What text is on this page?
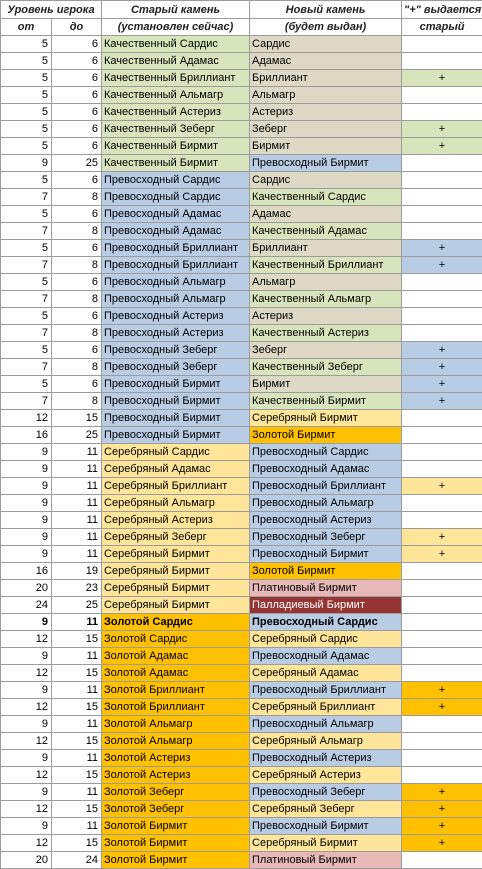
Уровень игрока		Старый камень	Новый камень	"+" выдается
от	до	(установлен сейчас)	(будет выдан)	старый
5	6	Качественный Сардис	Сардис	
5	6	Качественный Адамас	Адамас	
5	6	Качественный Бриллиант	Бриллиант	+
5	6	Качественный Альмагр	Альмагр	
5	6	Качественный Астериз	Астериз	
5	6	Качественный Зеберг	Зеберг	+
5	6	Качественный Бирмит	Бирмит	+
9	25	Качественный Бирмит	Превосходный Бирмит	
5	6	Превосходный Сардис	Сардис	
7	8	Превосходный Сардис	Качественный Сардис	
5	6	Превосходный Адамас	Адамас	
7	8	Превосходный Адамас	Качественный Адамас	
5	6	Превосходный Бриллиант	Бриллиант	+
7	8	Превосходный Бриллиант	Качественный Бриллиант	+
5	6	Превосходный Альмагр	Альмагр	
7	8	Превосходный Альмагр	Качественный Альмагр	
5	6	Превосходный Астериз	Астериз	
7	8	Превосходный Астериз	Качественный Астериз	
5	6	Превосходный Зеберг	Зеберг	+
7	8	Превосходный Зеберг	Качественный Зеберг	+
5	6	Превосходный Бирмит	Бирмит	+
7	8	Превосходный Бирмит	Качественный Бирмит	+
12	15	Превосходный Бирмит	Серебряный Бирмит	
16	25	Превосходный Бирмит	Золотой Бирмит	
9	11	Серебряный Сардис	Превосходный Сардис	
9	11	Серебряный Адамас	Превосходный Адамас	
9	11	Серебряный Бриллиант	Превосходный Бриллиант	+
9	11	Серебряный Альмагр	Превосходный Альмагр	
9	11	Серебряный Астериз	Превосходный Астериз	
9	11	Серебряный Зеберг	Превосходный Зеберг	+
9	11	Серебряный Бирмит	Превосходный Бирмит	+
16	19	Серебряный Бирмит	Золотой Бирмит	
20	23	Серебряный Бирмит	Платиновый Бирмит	
24	25	Серебряный Бирмит	Палладиевый Бирмит	
9	11	Золотой Сардис	Превосходный Сардис	
12	15	Золотой Сардис	Серебряный Сардис	
9	11	Золотой Адамас	Превосходный Адамас	
12	15	Золотой Адамас	Серебряный Адамас	
9	11	Золотой Бриллиант	Превосходный Бриллиант	+
12	15	Золотой Бриллиант	Серебряный Бриллиант	+
9	11	Золотой Альмагр	Превосходный Альмагр	
12	15	Золотой Альмагр	Серебряный Альмагр	
9	11	Золотой Астериз	Превосходный Астериз	
12	15	Золотой Астериз	Серебряный Астериз	
9	11	Золотой Зеберг	Превосходный Зеберг	+
12	15	Золотой Зеберг	Серебряный Зеберг	+
9	11	Золотой Бирмит	Превосходный Бирмит	+
12	15	Золотой Бирмит	Серебряный Бирмит	+
20	24	Золотой Бирмит	Платиновый Бирмит	
